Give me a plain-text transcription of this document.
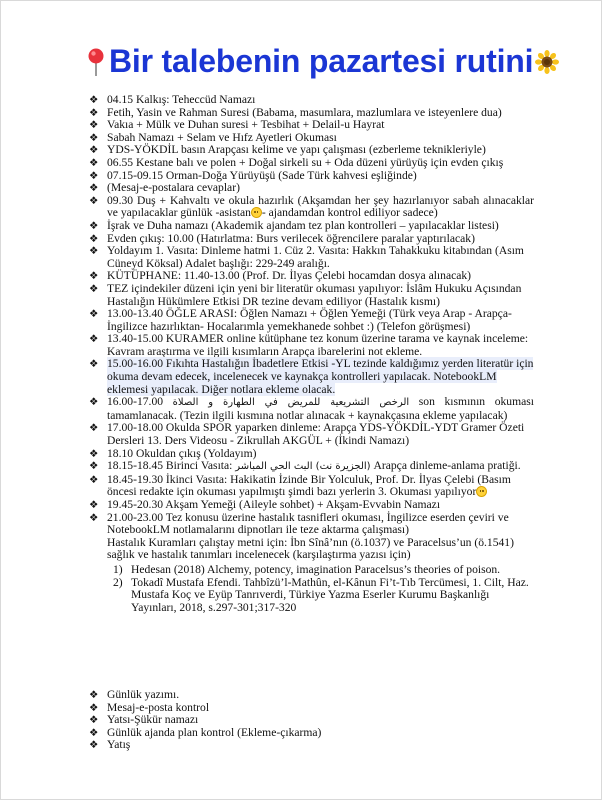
Bir talebenin pazartesi rutini
❖ 04.15 Kalkış: Teheccüd Namazı
❖ Fetih, Yasin ve Rahman Suresi (Babama, masumlara, mazlumlara ve isteyenlere dua)
❖ Vakıa + Mülk ve Duhan suresi + Tesbihat + Delail-u Hayrat
❖ Sabah Namazı + Selam ve Hıfz Ayetleri Okuması
❖ YDS-YÖKDİL basın Arapçası kelime ve yapı çalışması (ezberleme teknikleriyle)
❖ 06.55 Kestane balı ve polen + Doğal sirkeli su + Oda düzeni yürüyüş için evden çıkış
❖ 07.15-09.15 Orman-Doğa Yürüyüşü (Sade Türk kahvesi eşliğinde)
❖ (Mesaj-e-postalara cevaplar)
❖ 09.30 Duş + Kahvaltı ve okula hazırlık (Akşamdan her şey hazırlanıyor sabah alınacaklar ve yapılacaklar günlük -asistan - ajandamdan kontrol ediliyor sadece)
❖ İşrak ve Duha namazı (Akademik ajandam tez plan kontrolleri – yapılacaklar listesi)
❖ Evden çıkış: 10.00 (Hatırlatma: Burs verilecek öğrencilere paralar yaptırılacak)
❖ Yoldayım 1. Vasıta: Dinleme hatmi 1. Cüz 2. Vasıta: Hakkın Tahakkuku kitabından (Asım Cüneyd Köksal) Adalet başlığı: 229-249 aralığı.
❖ KÜTÜPHANE: 11.40-13.00 (Prof. Dr. İlyas Çelebi hocamdan dosya alınacak)
❖ TEZ içindekiler düzeni için yeni bir literatür okuması yapılıyor: İslâm Hukuku Açısından Hastalığın Hükümlere Etkisi DR tezine devam ediliyor (Hastalık kısmı)
❖ 13.00-13.40 ÖĞLE ARASI: Öğlen Namazı + Öğlen Yemeği (Türk veya Arap - Arapça-İngilizce hazırlıktan- Hocalarımla yemekhanede sohbet :) (Telefon görüşmesi)
❖ 13.40-15.00 KURAMER online kütüphane tez konum üzerine tarama ve kaynak inceleme: Kavram araştırma ve ilgili kısımların Arapça ibarelerini not ekleme.
❖ 15.00-16.00 Fıkıhta Hastalığın İbadetlere Etkisi -YL tezinde kaldığımız yerden literatür için okuma devam edecek, incelenecek ve kaynakça kontrolleri yapılacak. NotebookLM eklemesi yapılacak. Diğer notlara ekleme olacak.
❖ 16.00-17.00 الرخص التشريعية للمريض في الطهارة و الصلاة son kısmının okuması tamamlanacak. (Tezin ilgili kısmına notlar alınacak + kaynakçasına ekleme yapılacak)
❖ 17.00-18.00 Okulda SPOR yaparken dinleme: Arapça YDS-YÖKDİL-YDT Gramer Özeti Dersleri 13. Ders Videosu - Zikrullah AKGÜL + (İkindi Namazı)
❖ 18.10 Okuldan çıkış (Yoldayım)
❖ 18.15-18.45 Birinci Vasıta: (الجزيرة نت) البث الحي المباشر Arapça dinleme-anlama pratiği.
❖ 18.45-19.30 İkinci Vasıta: Hakikatin İzinde Bir Yolculuk, Prof. Dr. İlyas Çelebi (Basım öncesi redakte için okuması yapılmıştı şimdi bazı yerlerin 3. Okuması yapılıyor
❖ 19.45-20.30 Akşam Yemeği (Aileyle sohbet) + Akşam-Evvabin Namazı
❖ 21.00-23.00 Tez konusu üzerine hastalık tasnifleri okuması, İngilizce eserden çeviri ve NotebookLM notlamalarını dipnotları ile teze aktarma çalışması)
Hastalık Kuramları çalıştay metni için: İbn Sînâ’nın (ö.1037) ve Paracelsus’un (ö.1541) sağlık ve hastalık tanımları incelenecek (karşılaştırma yazısı için)
1) Hedesan (2018) Alchemy, potency, imagination Paracelsus’s theories of poison.
2) Tokadî Mustafa Efendi. Tahbîzü’l-Mathûn, el-Kânun Fi’t-Tıb Tercümesi, 1. Cilt, Haz. Mustafa Koç ve Eyüp Tanrıverdi, Türkiye Yazma Eserler Kurumu Başkanlığı Yayınları, 2018, s.297-301;317-320
❖ Günlük yazımı.
❖ Mesaj-e-posta kontrol
❖ Yatsı-Şükür namazı
❖ Günlük ajanda plan kontrol (Ekleme-çıkarma)
❖ Yatış
